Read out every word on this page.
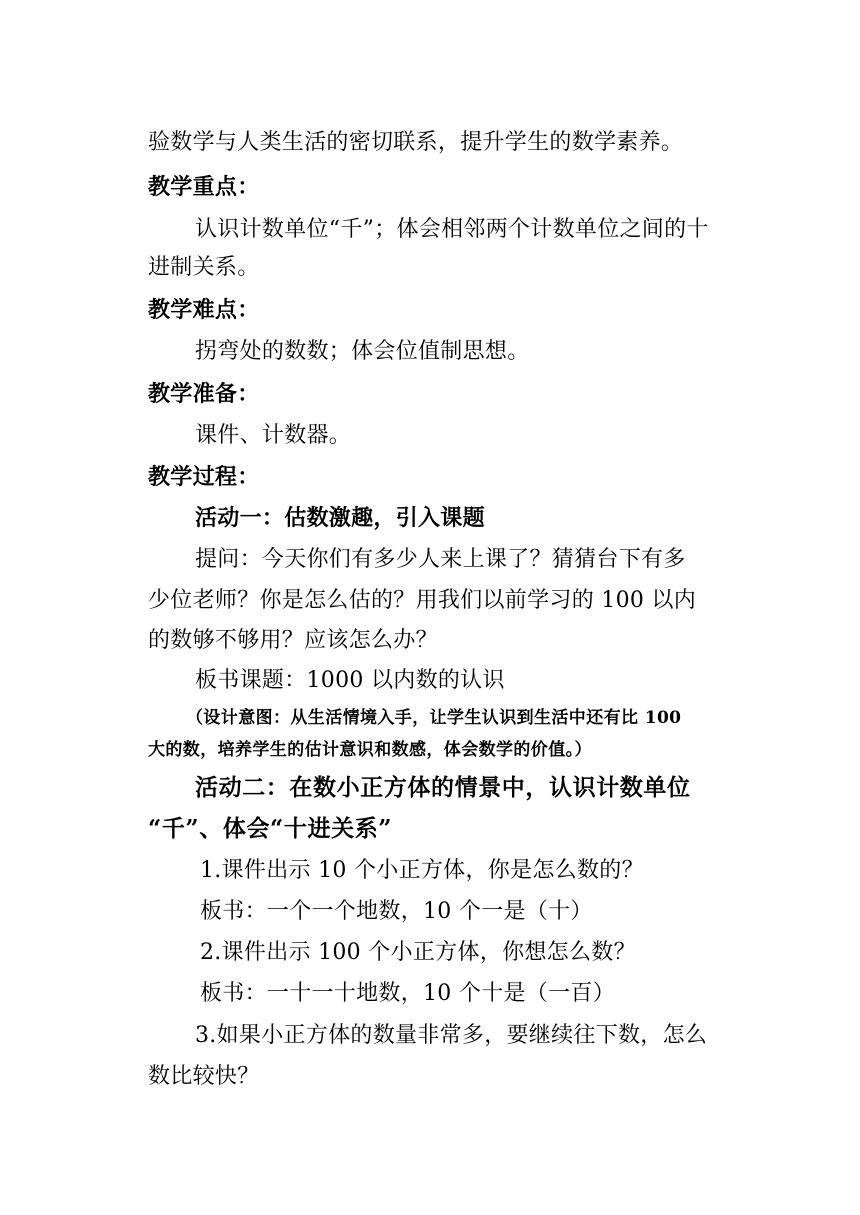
验数学与人类生活的密切联系，提升学生的数学素养。
教学重点：
认识计数单位“千”；体会相邻两个计数单位之间的十
进制关系。
教学难点：
拐弯处的数数；体会位值制思想。
教学准备：
课件、计数器。
教学过程：
活动一：估数激趣，引入课题
提问：今天你们有多少人来上课了？猜猜台下有多
少位老师？你是怎么估的？用我们以前学习的 100 以内
的数够不够用？应该怎么办？
板书课题：1000 以内数的认识
（设计意图：从生活情境入手，让学生认识到生活中还有比 100
大的数，培养学生的估计意识和数感，体会数学的价值。）
活动二：在数小正方体的情景中，认识计数单位
“千”、体会“十进关系”
1.课件出示 10 个小正方体，你是怎么数的？
板书：一个一个地数，10 个一是（十）
2.课件出示 100 个小正方体，你想怎么数？
板书：一十一十地数，10 个十是（一百）
3.如果小正方体的数量非常多，要继续往下数，怎么
数比较快？
